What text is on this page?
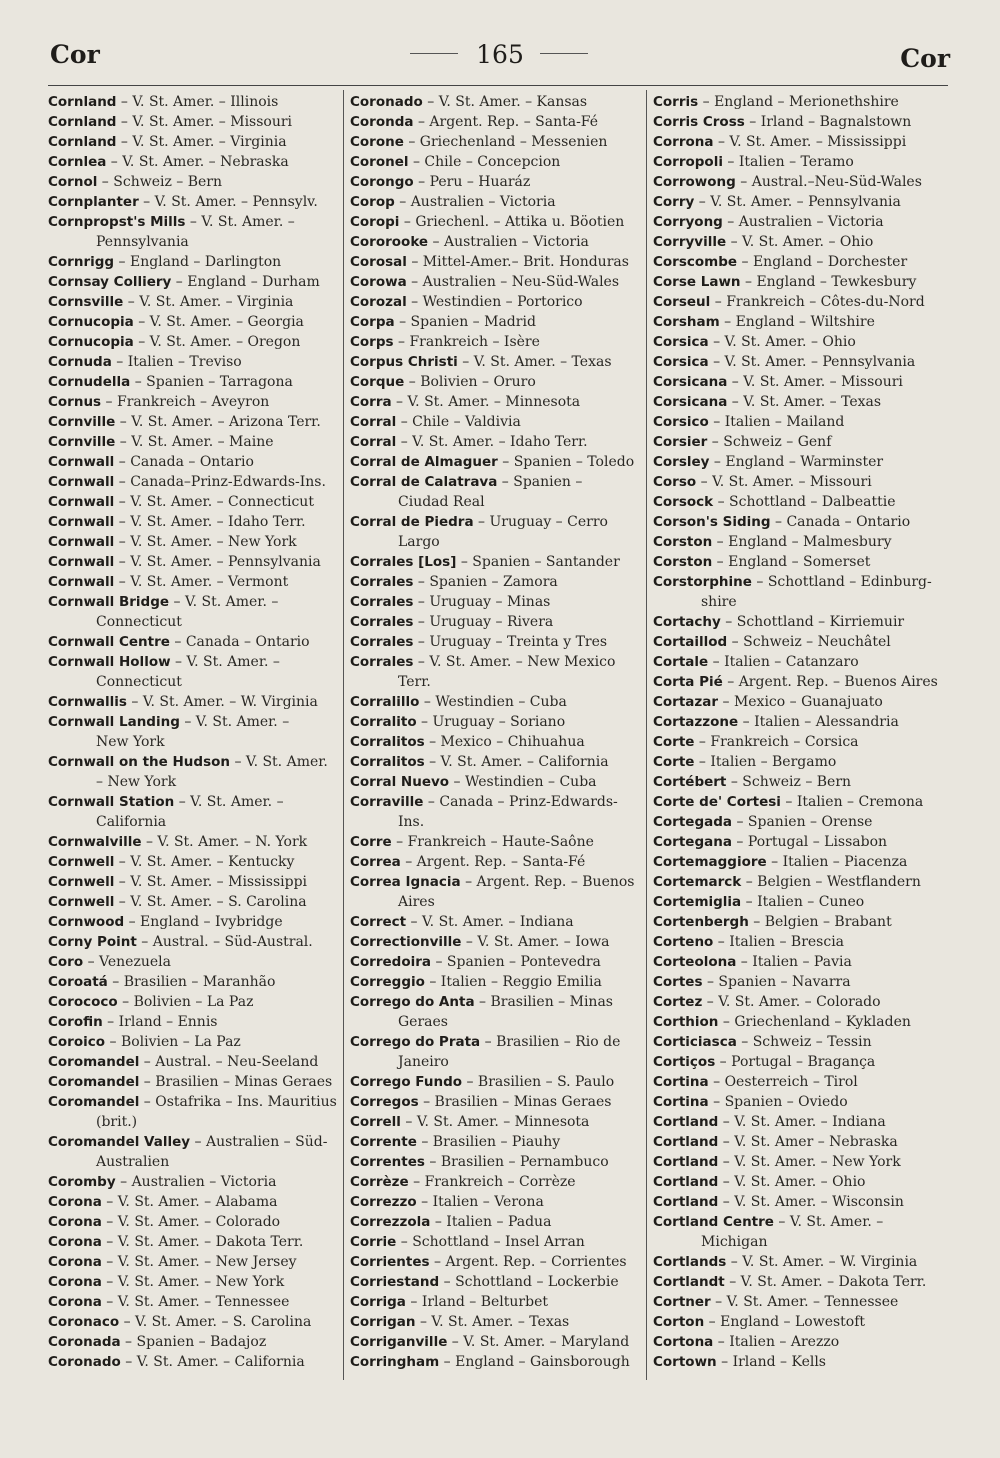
Cor	165	Cor
Cornland – V. St. Amer. – Illinois
Cornland – V. St. Amer. – Missouri
Cornland – V. St. Amer. – Virginia
Cornlea – V. St. Amer. – Nebraska
Cornol – Schweiz – Bern
Cornplanter – V. St. Amer. – Pennsylv.
Cornpropst's Mills – V. St. Amer. –
Pennsylvania
Cornrigg – England – Darlington
Cornsay Colliery – England – Durham
Cornsville – V. St. Amer. – Virginia
Cornucopia – V. St. Amer. – Georgia
Cornucopia – V. St. Amer. – Oregon
Cornuda – Italien – Treviso
Cornudella – Spanien – Tarragona
Cornus – Frankreich – Aveyron
Cornville – V. St. Amer. – Arizona Terr.
Cornville – V. St. Amer. – Maine
Cornwall – Canada – Ontario
Cornwall – Canada–Prinz-Edwards-Ins.
Cornwall – V. St. Amer. – Connecticut
Cornwall – V. St. Amer. – Idaho Terr.
Cornwall – V. St. Amer. – New York
Cornwall – V. St. Amer. – Pennsylvania
Cornwall – V. St. Amer. – Vermont
Cornwall Bridge – V. St. Amer. –
Connecticut
Cornwall Centre – Canada – Ontario
Cornwall Hollow – V. St. Amer. –
Connecticut
Cornwallis – V. St. Amer. – W. Virginia
Cornwall Landing – V. St. Amer. –
New York
Cornwall on the Hudson – V. St. Amer.
– New York
Cornwall Station – V. St. Amer. –
California
Cornwalville – V. St. Amer. – N. York
Cornwell – V. St. Amer. – Kentucky
Cornwell – V. St. Amer. – Mississippi
Cornwell – V. St. Amer. – S. Carolina
Cornwood – England – Ivybridge
Corny Point – Austral. – Süd-Austral.
Coro – Venezuela
Coroatá – Brasilien – Maranhão
Corococo – Bolivien – La Paz
Corofin – Irland – Ennis
Coroico – Bolivien – La Paz
Coromandel – Austral. – Neu-Seeland
Coromandel – Brasilien – Minas Geraes
Coromandel – Ostafrika – Ins. Mauritius
(brit.)
Coromandel Valley – Australien – Süd-
Australien
Coromby – Australien – Victoria
Corona – V. St. Amer. – Alabama
Corona – V. St. Amer. – Colorado
Corona – V. St. Amer. – Dakota Terr.
Corona – V. St. Amer. – New Jersey
Corona – V. St. Amer. – New York
Corona – V. St. Amer. – Tennessee
Coronaco – V. St. Amer. – S. Carolina
Coronada – Spanien – Badajoz
Coronado – V. St. Amer. – California
Coronado – V. St. Amer. – Kansas
Coronda – Argent. Rep. – Santa-Fé
Corone – Griechenland – Messenien
Coronel – Chile – Concepcion
Corongo – Peru – Huaráz
Corop – Australien – Victoria
Coropi – Griechenl. – Attika u. Böotien
Cororooke – Australien – Victoria
Corosal – Mittel-Amer.– Brit. Honduras
Corowa – Australien – Neu-Süd-Wales
Corozal – Westindien – Portorico
Corpa – Spanien – Madrid
Corps – Frankreich – Isère
Corpus Christi – V. St. Amer. – Texas
Corque – Bolivien – Oruro
Corra – V. St. Amer. – Minnesota
Corral – Chile – Valdivia
Corral – V. St. Amer. – Idaho Terr.
Corral de Almaguer – Spanien – Toledo
Corral de Calatrava – Spanien –
Ciudad Real
Corral de Piedra – Uruguay – Cerro
Largo
Corrales [Los] – Spanien – Santander
Corrales – Spanien – Zamora
Corrales – Uruguay – Minas
Corrales – Uruguay – Rivera
Corrales – Uruguay – Treinta y Tres
Corrales – V. St. Amer. – New Mexico
Terr.
Corralillo – Westindien – Cuba
Corralito – Uruguay – Soriano
Corralitos – Mexico – Chihuahua
Corralitos – V. St. Amer. – California
Corral Nuevo – Westindien – Cuba
Corraville – Canada – Prinz-Edwards-
Ins.
Corre – Frankreich – Haute-Saône
Correa – Argent. Rep. – Santa-Fé
Correa Ignacia – Argent. Rep. – Buenos
Aires
Correct – V. St. Amer. – Indiana
Correctionville – V. St. Amer. – Iowa
Corredoira – Spanien – Pontevedra
Correggio – Italien – Reggio Emilia
Corrego do Anta – Brasilien – Minas
Geraes
Corrego do Prata – Brasilien – Rio de
Janeiro
Corrego Fundo – Brasilien – S. Paulo
Corregos – Brasilien – Minas Geraes
Correll – V. St. Amer. – Minnesota
Corrente – Brasilien – Piauhy
Correntes – Brasilien – Pernambuco
Corrèze – Frankreich – Corrèze
Correzzo – Italien – Verona
Correzzola – Italien – Padua
Corrie – Schottland – Insel Arran
Corrientes – Argent. Rep. – Corrientes
Corriestand – Schottland – Lockerbie
Corriga – Irland – Belturbet
Corrigan – V. St. Amer. – Texas
Corriganville – V. St. Amer. – Maryland
Corringham – England – Gainsborough
Corris – England – Merionethshire
Corris Cross – Irland – Bagnalstown
Corrona – V. St. Amer. – Mississippi
Corropoli – Italien – Teramo
Corrowong – Austral.–Neu-Süd-Wales
Corry – V. St. Amer. – Pennsylvania
Corryong – Australien – Victoria
Corryville – V. St. Amer. – Ohio
Corscombe – England – Dorchester
Corse Lawn – England – Tewkesbury
Corseul – Frankreich – Côtes-du-Nord
Corsham – England – Wiltshire
Corsica – V. St. Amer. – Ohio
Corsica – V. St. Amer. – Pennsylvania
Corsicana – V. St. Amer. – Missouri
Corsicana – V. St. Amer. – Texas
Corsico – Italien – Mailand
Corsier – Schweiz – Genf
Corsley – England – Warminster
Corso – V. St. Amer. – Missouri
Corsock – Schottland – Dalbeattie
Corson's Siding – Canada – Ontario
Corston – England – Malmesbury
Corston – England – Somerset
Corstorphine – Schottland – Edinburg-
shire
Cortachy – Schottland – Kirriemuir
Cortaillod – Schweiz – Neuchâtel
Cortale – Italien – Catanzaro
Corta Pié – Argent. Rep. – Buenos Aires
Cortazar – Mexico – Guanajuato
Cortazzone – Italien – Alessandria
Corte – Frankreich – Corsica
Corte – Italien – Bergamo
Cortébert – Schweiz – Bern
Corte de' Cortesi – Italien – Cremona
Cortegada – Spanien – Orense
Cortegana – Portugal – Lissabon
Cortemaggiore – Italien – Piacenza
Cortemarck – Belgien – Westflandern
Cortemiglia – Italien – Cuneo
Cortenbergh – Belgien – Brabant
Corteno – Italien – Brescia
Corteolona – Italien – Pavia
Cortes – Spanien – Navarra
Cortez – V. St. Amer. – Colorado
Corthion – Griechenland – Kykladen
Corticiasca – Schweiz – Tessin
Cortiços – Portugal – Bragança
Cortina – Oesterreich – Tirol
Cortina – Spanien – Oviedo
Cortland – V. St. Amer. – Indiana
Cortland – V. St. Amer – Nebraska
Cortland – V. St. Amer. – New York
Cortland – V. St. Amer. – Ohio
Cortland – V. St. Amer. – Wisconsin
Cortland Centre – V. St. Amer. –
Michigan
Cortlands – V. St. Amer. – W. Virginia
Cortlandt – V. St. Amer. – Dakota Terr.
Cortner – V. St. Amer. – Tennessee
Corton – England – Lowestoft
Cortona – Italien – Arezzo
Cortown – Irland – Kells
